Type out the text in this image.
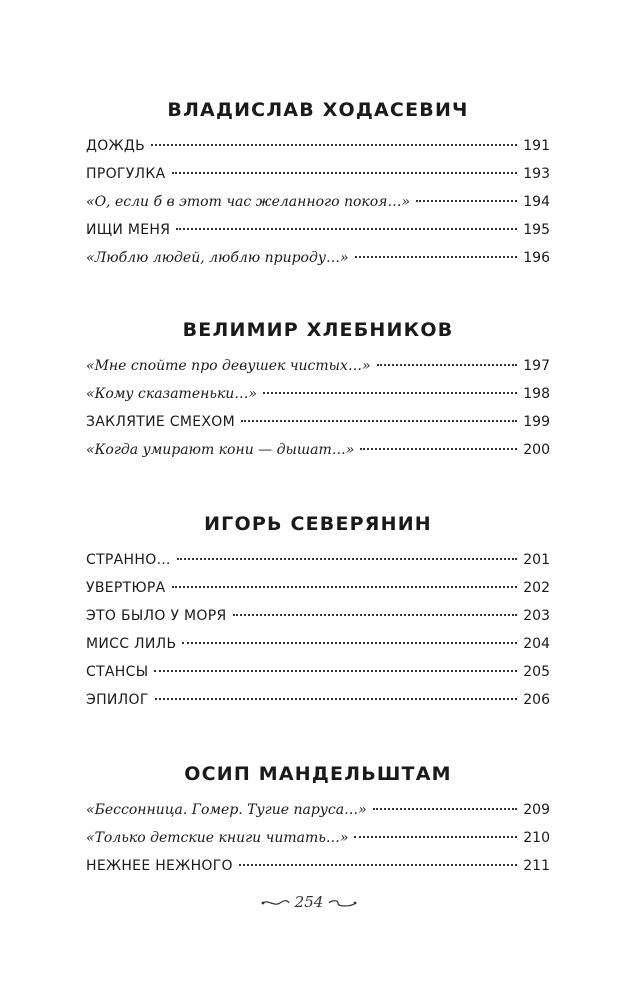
ВЛАДИСЛАВ ХОДАСЕВИЧ
ДОЖДЬ	191
ПРОГУЛКА	193
«О, если б в этот час желанного покоя…»	194
ИЩИ МЕНЯ	195
«Люблю людей, люблю природу…»	196
ВЕЛИМИР ХЛЕБНИКОВ
«Мне спойте про девушек чистых…»	197
«Кому сказатеньки…»	198
ЗАКЛЯТИЕ СМЕХОМ	199
«Когда умирают кони — дышат…»	200
ИГОРЬ СЕВЕРЯНИН
СТРАННО…	201
УВЕРТЮРА	202
ЭТО БЫЛО У МОРЯ	203
МИСС ЛИЛЬ	204
СТАНСЫ	205
ЭПИЛОГ	206
ОСИП МАНДЕЛЬШТАМ
«Бессонница. Гомер. Тугие паруса…»	209
«Только детские книги читать…»	210
НЕЖНЕЕ НЕЖНОГО	211
254
